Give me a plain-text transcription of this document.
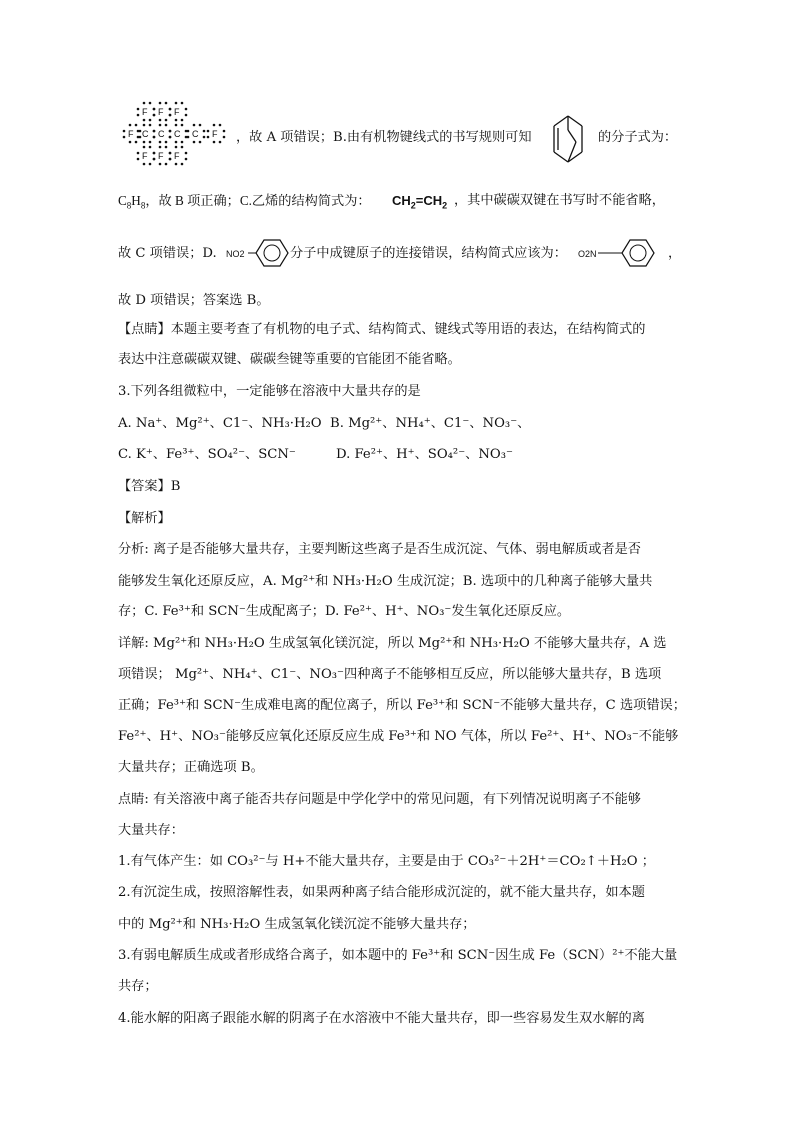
F F F
F C C C C F
F F F
，故 A 项错误；B.由有机物键线式的书写规则可知	的分子式为：
$C_8H_8$，故 B 项正确；C.乙烯的结构简式为：	$CH_2=CH_2$ ，其中碳碳双键在书写时不能省略，
故 C 项错误；D.	NO2	分子中成键原子的连接错误，结构简式应该为：	O2N	，
故 D 项错误；答案选 B。
【点睛】本题主要考查了有机物的电子式、结构简式、键线式等用语的表达，在结构简式的
表达中注意碳碳双键、碳碳叁键等重要的官能团不能省略。
3.下列各组微粒中，一定能够在溶液中大量共存的是
A. Na⁺、Mg²⁺、C1⁻、NH₃·H₂O B. Mg²⁺、NH₄⁺、C1⁻、NO₃⁻、
C. K⁺、Fe³⁺、SO₄²⁻、SCN⁻	D. Fe²⁺、H⁺、SO₄²⁻、NO₃⁻
【答案】B
【解析】
分析: 离子是否能够大量共存，主要判断这些离子是否生成沉淀、气体、弱电解质或者是否
能够发生氧化还原反应，A. Mg²⁺和 NH₃·H₂O 生成沉淀；B. 选项中的几种离子能够大量共
存；C. Fe³⁺和 SCN⁻生成配离子；D. Fe²⁺、H⁺、NO₃⁻发生氧化还原反应。
详解: Mg²⁺和 NH₃·H₂O 生成氢氧化镁沉淀，所以 Mg²⁺和 NH₃·H₂O 不能够大量共存，A 选
项错误； Mg²⁺、NH₄⁺、C1⁻、NO₃⁻四种离子不能够相互反应，所以能够大量共存，B 选项
正确；Fe³⁺和 SCN⁻生成难电离的配位离子，所以 Fe³⁺和 SCN⁻不能够大量共存，C 选项错误；
Fe²⁺、H⁺、NO₃⁻能够反应氧化还原反应生成 Fe³⁺和 NO 气体，所以 Fe²⁺、H⁺、NO₃⁻不能够
大量共存；正确选项 B。
点睛: 有关溶液中离子能否共存问题是中学化学中的常见问题，有下列情况说明离子不能够
大量共存：
1.有气体产生：如 CO₃²⁻与 H+不能大量共存，主要是由于 CO₃²⁻＋2H⁺＝CO₂↑＋H₂O ；
2.有沉淀生成，按照溶解性表，如果两种离子结合能形成沉淀的，就不能大量共存，如本题
中的 Mg²⁺和 NH₃·H₂O 生成氢氧化镁沉淀不能够大量共存；
3.有弱电解质生成或者形成络合离子，如本题中的 Fe³⁺和 SCN⁻因生成 Fe（SCN）²⁺不能大量
共存；
4.能水解的阳离子跟能水解的阴离子在水溶液中不能大量共存，即一些容易发生双水解的离
